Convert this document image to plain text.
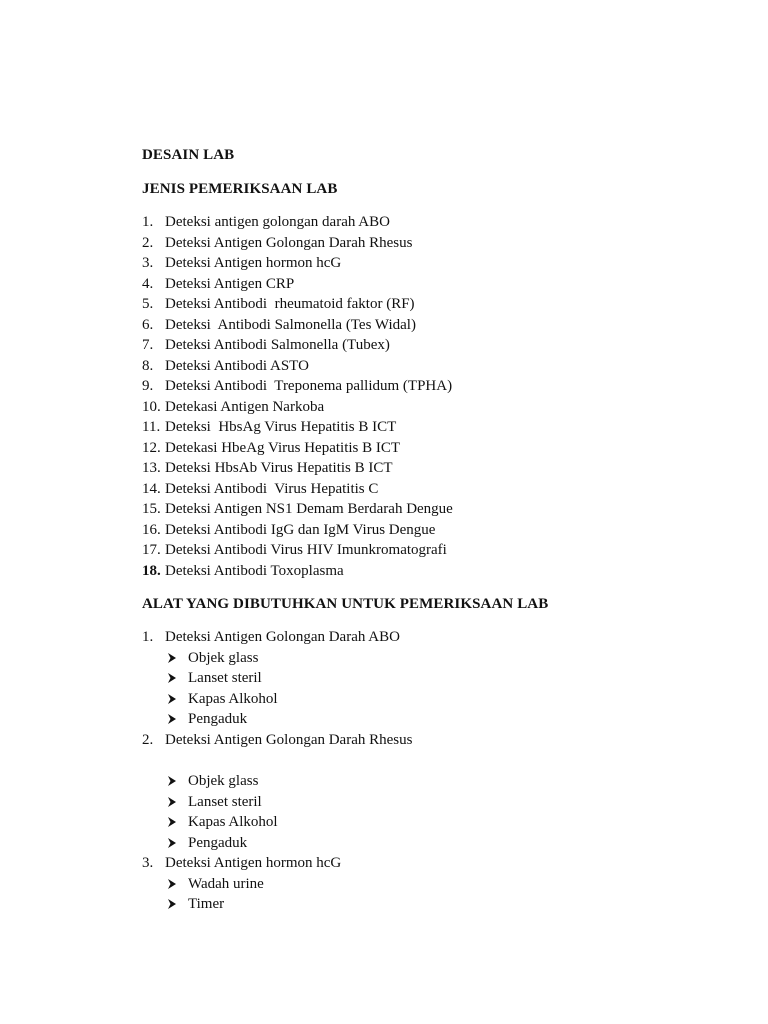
DESAIN LAB
JENIS PEMERIKSAAN LAB
1. Deteksi antigen golongan darah ABO
2. Deteksi Antigen Golongan Darah Rhesus
3. Deteksi Antigen hormon hcG
4. Deteksi Antigen CRP
5. Deteksi Antibodi  rheumatoid faktor (RF)
6. Deteksi  Antibodi Salmonella (Tes Widal)
7. Deteksi Antibodi Salmonella (Tubex)
8. Deteksi Antibodi ASTO
9. Deteksi Antibodi  Treponema pallidum (TPHA)
10. Detekasi Antigen Narkoba
11. Deteksi  HbsAg Virus Hepatitis B ICT
12. Detekasi HbeAg Virus Hepatitis B ICT
13. Deteksi HbsAb Virus Hepatitis B ICT
14. Deteksi Antibodi  Virus Hepatitis C
15. Deteksi Antigen NS1 Demam Berdarah Dengue
16. Deteksi Antibodi IgG dan IgM Virus Dengue
17. Deteksi Antibodi Virus HIV Imunkromatografi
18. Deteksi Antibodi Toxoplasma
ALAT YANG DIBUTUHKAN UNTUK PEMERIKSAAN LAB
1. Deteksi Antigen Golongan Darah ABO
Objek glass
Lanset steril
Kapas Alkohol
Pengaduk
2. Deteksi Antigen Golongan Darah Rhesus
Objek glass
Lanset steril
Kapas Alkohol
Pengaduk
3. Deteksi Antigen hormon hcG
Wadah urine
Timer
